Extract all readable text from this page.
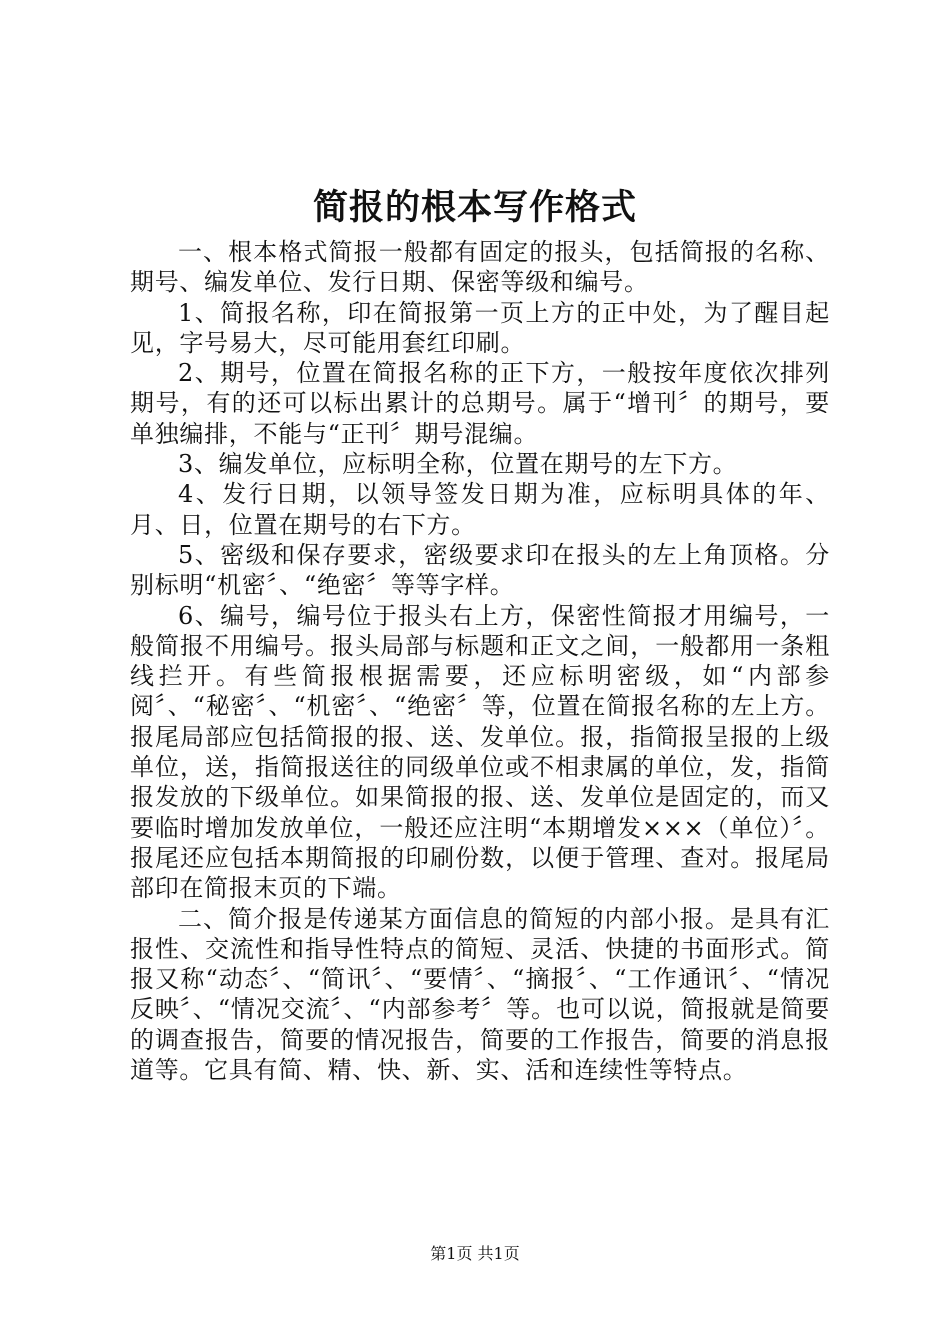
简报的根本写作格式

一、根本格式简报一般都有固定的报头，包括简报的名称、期号、编发单位、发行日期、保密等级和编号。

1、简报名称，印在简报第一页上方的正中处，为了醒目起见，字号易大，尽可能用套红印刷。

2、期号，位置在简报名称的正下方，一般按年度依次排列期号，有的还可以标出累计的总期号。属于“增刊〞的期号，要单独编排，不能与“正刊〞期号混编。

3、编发单位，应标明全称，位置在期号的左下方。

4、发行日期，以领导签发日期为准，应标明具体的年、月、日，位置在期号的右下方。

5、密级和保存要求，密级要求印在报头的左上角顶格。分别标明“机密〞、“绝密〞等等字样。

6、编号，编号位于报头右上方，保密性简报才用编号，一般简报不用编号。报头局部与标题和正文之间，一般都用一条粗线拦开。有些简报根据需要，还应标明密级，如“内部参阅〞、“秘密〞、“机密〞、“绝密〞等，位置在简报名称的左上方。报尾局部应包括简报的报、送、发单位。报，指简报呈报的上级单位，送，指简报送往的同级单位或不相隶属的单位，发，指简报发放的下级单位。如果简报的报、送、发单位是固定的，而又要临时增加发放单位，一般还应注明“本期增发×××（单位）〞。报尾还应包括本期简报的印刷份数，以便于管理、查对。报尾局部印在简报末页的下端。

二、简介报是传递某方面信息的简短的内部小报。是具有汇报性、交流性和指导性特点的简短、灵活、快捷的书面形式。简报又称“动态〞、“简讯〞、“要情〞、“摘报〞、“工作通讯〞、“情况反映〞、“情况交流〞、“内部参考〞等。也可以说，简报就是简要的调查报告，简要的情况报告，简要的工作报告，简要的消息报道等。它具有简、精、快、新、实、活和连续性等特点。

第1页 共1页
